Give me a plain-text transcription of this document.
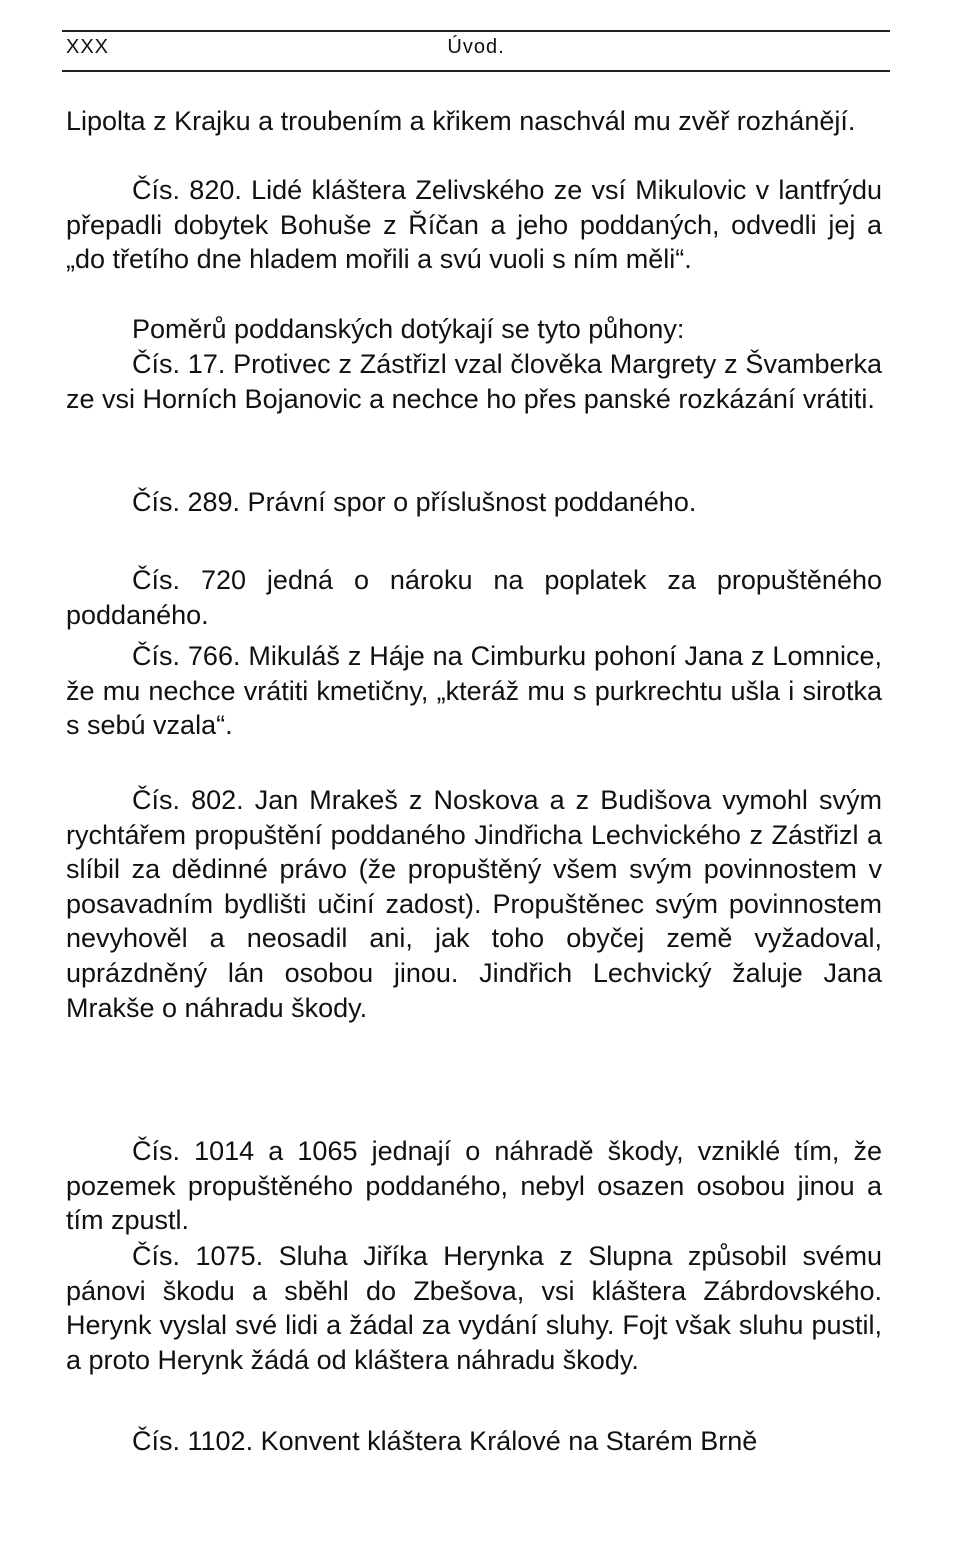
XXX	Úvod.

Lipolta z Krajku a troubením a křikem naschvál mu zvěř rozhánějí.

Čís. 820. Lidé kláštera Zelivského ze vsí Mikulovic v lantfrýdu přepadli dobytek Bohuše z Říčan a jeho poddaných, odvedli jej a „do třetího dne hladem mořili a svú vuoli s ním měli“.

Poměrů poddanských dotýkají se tyto půhony:

Čís. 17. Protivec z Zástřizl vzal člověka Margrety z Švamberka ze vsi Horních Bojanovic a nechce ho přes panské rozkázání vrátiti.

Čís. 289. Právní spor o příslušnost poddaného.

Čís. 720 jedná o nároku na poplatek za propuštěného poddaného.

Čís. 766. Mikuláš z Háje na Cimburku pohoní Jana z Lomnice, že mu nechce vrátiti kmetičny, „kteráž mu s purkrechtu ušla i sirotka s sebú vzala“.

Čís. 802. Jan Mrakeš z Noskova a z Budišova vymohl svým rychtářem propuštění poddaného Jindřicha Lechvického z Zástřizl a slíbil za dědinné právo (že propuštěný všem svým povinnostem v posavadním bydlišti učiní zadost). Propuštěnec svým povinnostem nevyhověl a neosadil ani, jak toho obyčej země vyžadoval, uprázdněný lán osobou jinou. Jindřich Lechvický žaluje Jana Mrakše o náhradu škody.

Čís. 1014 a 1065 jednají o náhradě škody, vzniklé tím, že pozemek propuštěného poddaného, nebyl osazen osobou jinou a tím zpustl.

Čís. 1075. Sluha Jiříka Herynka z Slupna způsobil svému pánovi škodu a sběhl do Zbešova, vsi kláštera Zábrdovského. Herynk vyslal své lidi a žádal za vydání sluhy. Fojt však sluhu pustil, a proto Herynk žádá od kláštera náhradu škody.

Čís. 1102. Konvent kláštera Králové na Starém Brně
